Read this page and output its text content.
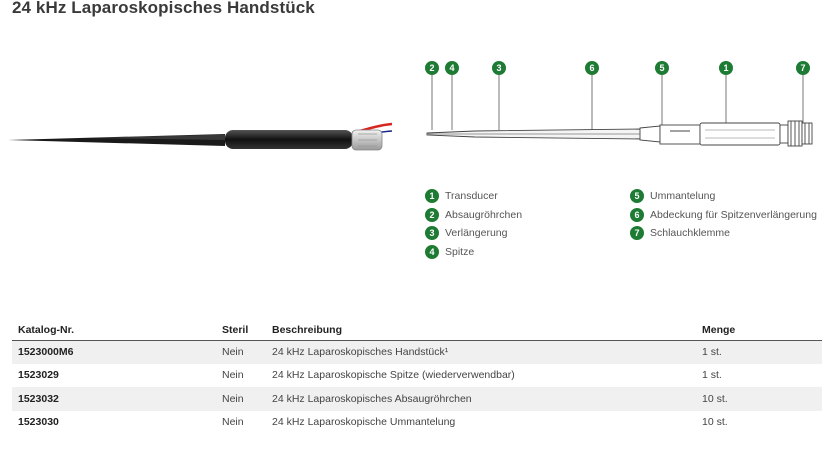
24 kHz Laparoskopisches Handstück
2	4	3	6	5	1	7
1	Transducer
2	Absaugröhrchen
3	Verlängerung
4	Spitze
5	Ummantelung
6	Abdeckung für Spitzenverlängerung
7	Schlauchklemme
Katalog-Nr.	Steril	Beschreibung	Menge
1523000M6	Nein	24 kHz Laparoskopisches Handstück¹	1 st.
1523029	Nein	24 kHz Laparoskopische Spitze (wiederverwendbar)	1 st.
1523032	Nein	24 kHz Laparoskopisches Absaugröhrchen	10 st.
1523030	Nein	24 kHz Laparoskopische Ummantelung	10 st.
